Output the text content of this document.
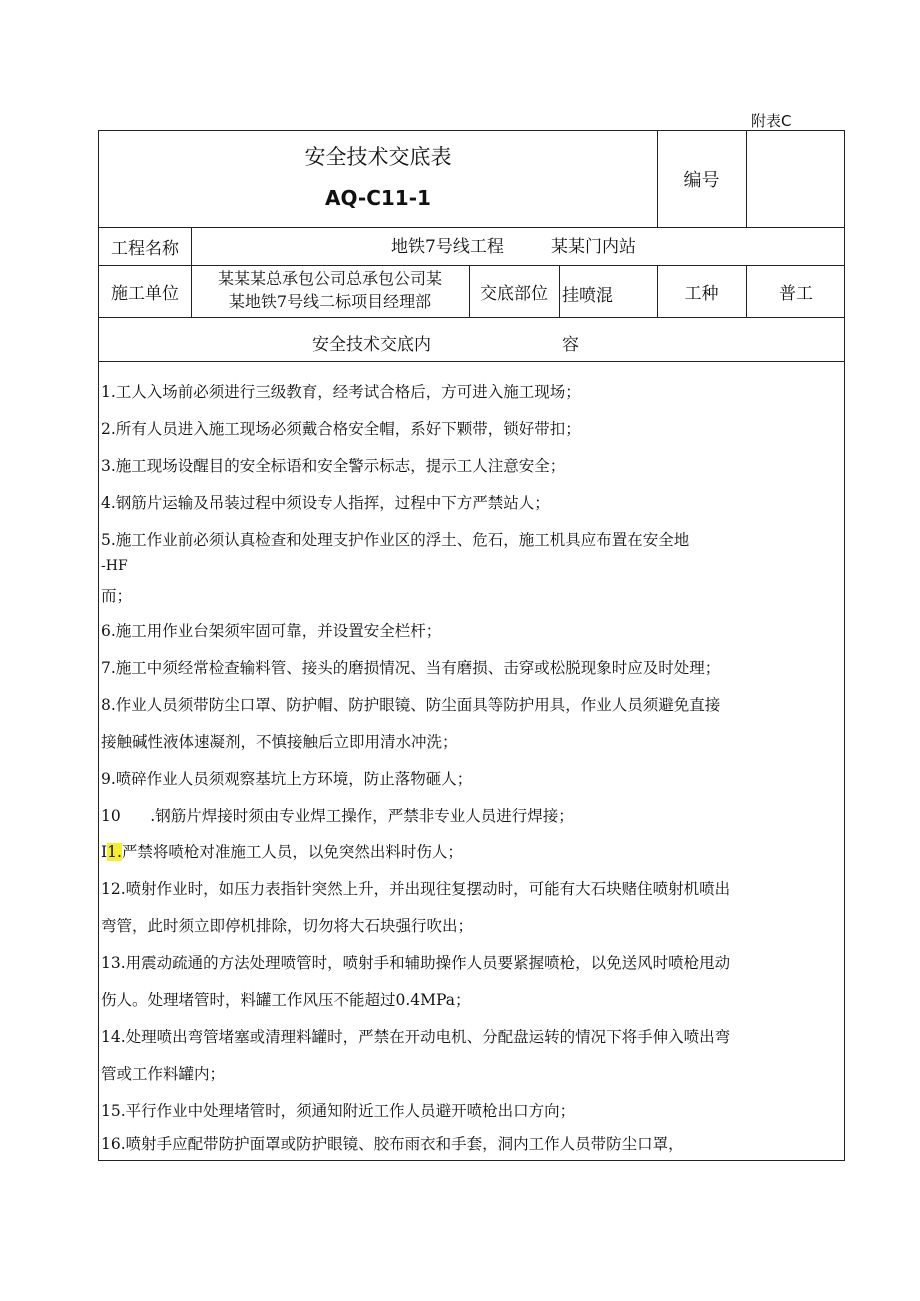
附表C
安全技术交底表
AQ-C11-1
编号
工程名称	地铁7号线工程	某某门内站
施工单位
某某某总承包公司总承包公司某
某地铁7号线二标项目经理部	交底部位 挂喷混	工种	普工
安全技术交底内	容
1.工人入场前必须进行三级教育，经考试合格后，方可进入施工现场；
2.所有人员进入施工现场必须戴合格安全帽，系好下颗带，锁好带扣；
3.施工现场设醒目的安全标语和安全警示标志，提示工人注意安全；
4.钢筋片运输及吊装过程中须设专人指挥，过程中下方严禁站人；
5.施工作业前必须认真检查和处理支护作业区的浮土、危石，施工机具应布置在安全地
-HF
而；
6.施工用作业台架须牢固可靠，并设置安全栏杆；
7.施工中须经常检查输料管、接头的磨损情况、当有磨损、击穿或松脱现象时应及时处理；
8.作业人员须带防尘口罩、防护帽、防护眼镜、防尘面具等防护用具，作业人员须避免直接
接触碱性液体速凝剂，不慎接触后立即用清水冲洗；
9.喷碎作业人员须观察基坑上方环境，防止落物砸人；
10      .钢筋片焊接时须由专业焊工操作，严禁非专业人员进行焊接；
I1.严禁将喷枪对准施工人员，以免突然出料时伤人；
12.喷射作业时，如压力表指针突然上升，并出现往复摆动时，可能有大石块赌住喷射机喷出
弯管，此时须立即停机排除，切勿将大石块强行吹出；
13.用震动疏通的方法处理喷管时，喷射手和辅助操作人员要紧握喷枪，以免送风时喷枪甩动
伤人。处理堵管时，料罐工作风压不能超过0.4MPa；
14.处理喷出弯管堵塞或清理料罐时，严禁在开动电机、分配盘运转的情况下将手伸入喷出弯
管或工作料罐内；
15.平行作业中处理堵管时，须通知附近工作人员避开喷枪出口方向；
16.喷射手应配带防护面罩或防护眼镜、胶布雨衣和手套，洞内工作人员带防尘口罩，
